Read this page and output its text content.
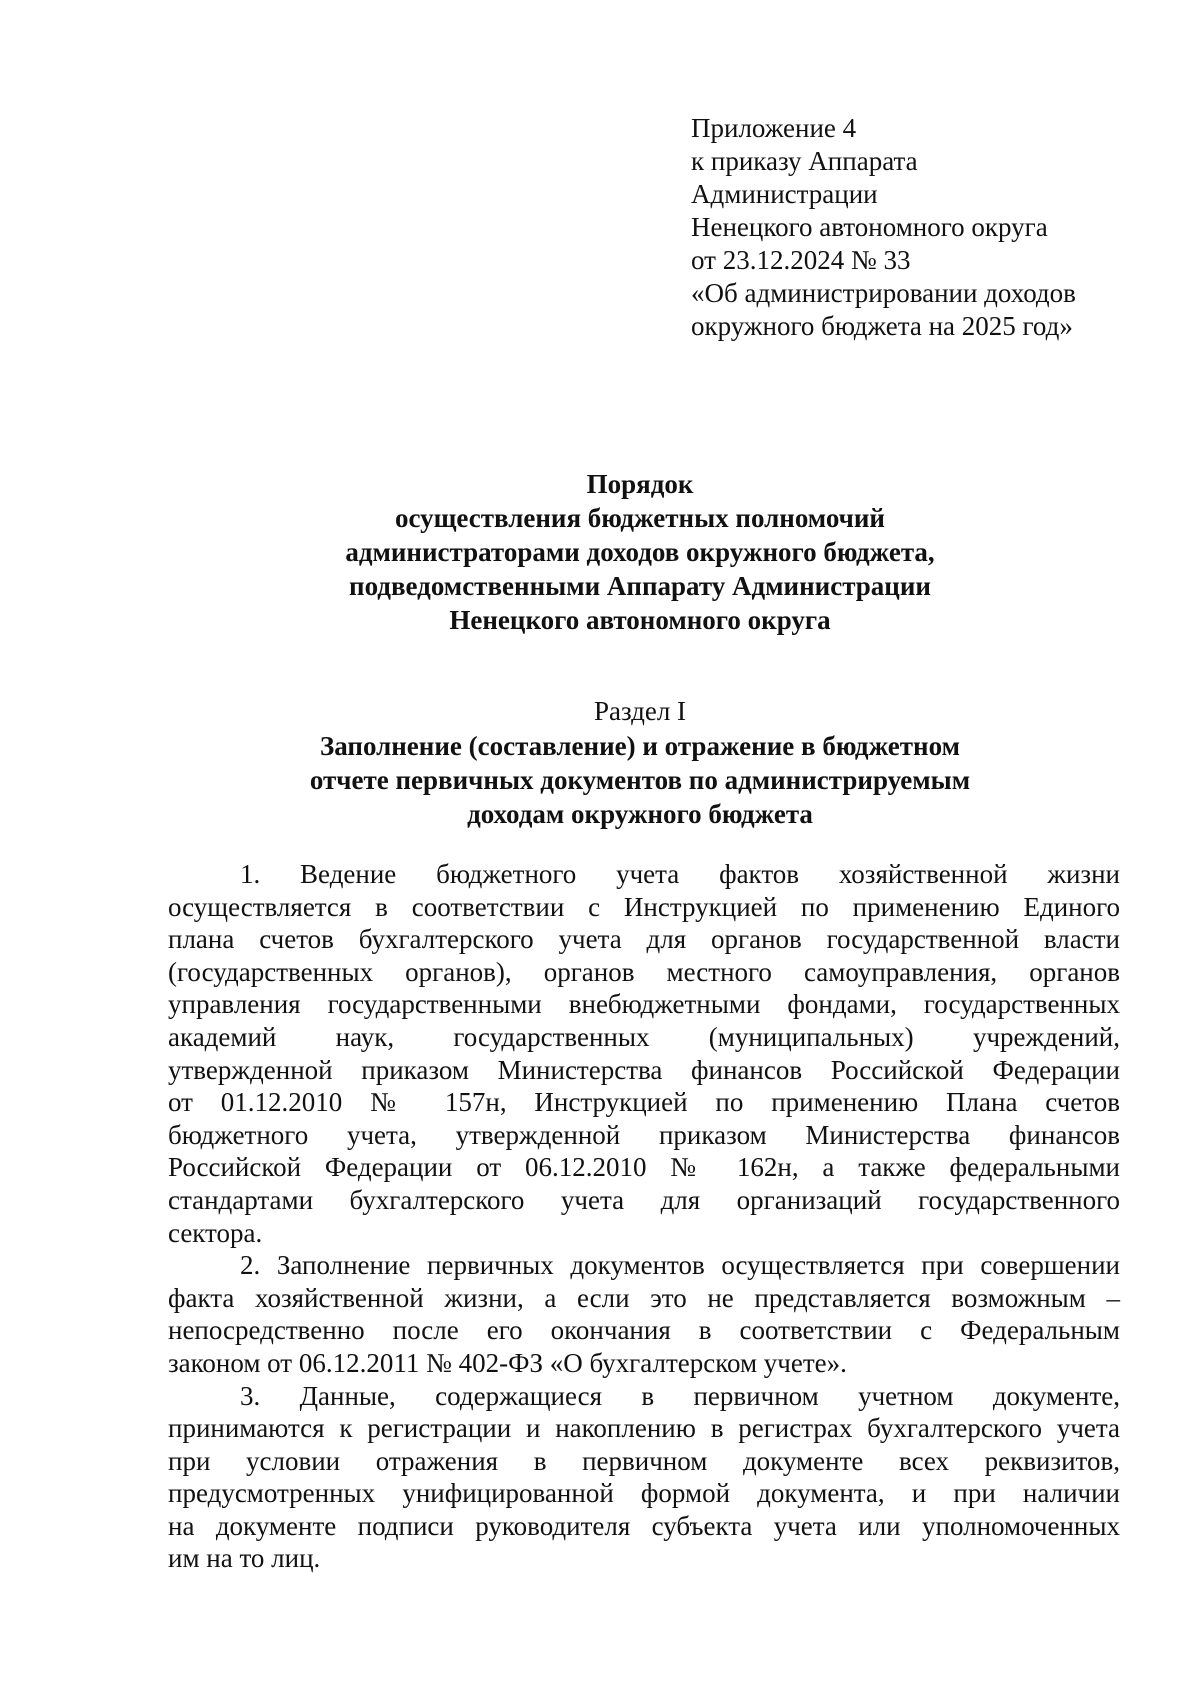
Приложение 4
к приказу Аппарата
Администрации
Ненецкого автономного округа
от 23.12.2024 № 33
«Об администрировании доходов
окружного бюджета на 2025 год»
Порядок
осуществления бюджетных полномочий
администраторами доходов окружного бюджета,
подведомственными Аппарату Администрации
Ненецкого автономного округа
Раздел I
Заполнение (составление) и отражение в бюджетном
отчете первичных документов по администрируемым
доходам окружного бюджета
1. Ведение бюджетного учета фактов хозяйственной жизни
осуществляется в соответствии с Инструкцией по применению Единого
плана счетов бухгалтерского учета для органов государственной власти
(государственных органов), органов местного самоуправления, органов
управления государственными внебюджетными фондами, государственных
академий наук, государственных (муниципальных) учреждений,
утвержденной приказом Министерства финансов Российской Федерации
от 01.12.2010 № 157н, Инструкцией по применению Плана счетов
бюджетного учета, утвержденной приказом Министерства финансов
Российской Федерации от 06.12.2010 № 162н, а также федеральными
стандартами бухгалтерского учета для организаций государственного
сектора.
2. Заполнение первичных документов осуществляется при совершении
факта хозяйственной жизни, а если это не представляется возможным –
непосредственно после его окончания в соответствии с Федеральным
законом от 06.12.2011 № 402-ФЗ «О бухгалтерском учете».
3. Данные, содержащиеся в первичном учетном документе,
принимаются к регистрации и накоплению в регистрах бухгалтерского учета
при условии отражения в первичном документе всех реквизитов,
предусмотренных унифицированной формой документа, и при наличии
на документе подписи руководителя субъекта учета или уполномоченных
им на то лиц.
